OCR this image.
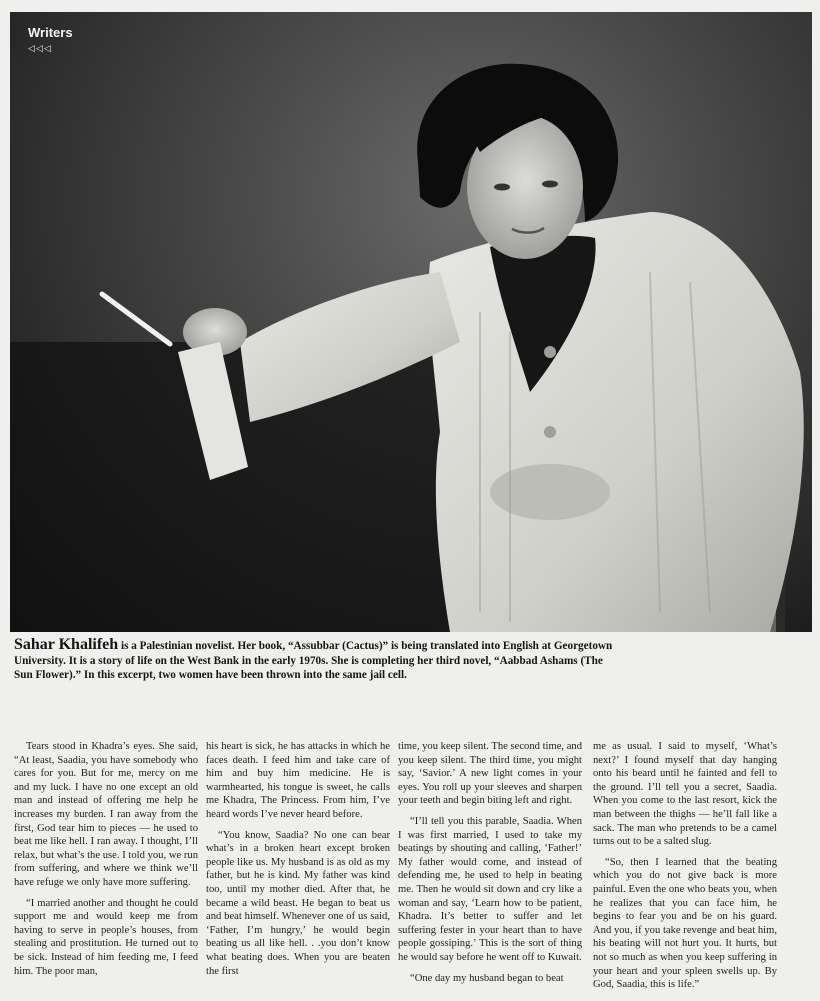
Writers
◁◁◁
Sahar Khalifeh is a Palestinian novelist. Her book, “Assubbar (Cactus)” is being translated into English at Georgetown University. It is a story of life on the West Bank in the early 1970s. She is completing her third novel, “Aabbad Ashams (The Sun Flower).” In this excerpt, two women have been thrown into the same jail cell.

Tears stood in Khadra’s eyes. She said, “At least, Saadia, you have somebody who cares for you. But for me, mercy on me and my luck. I have no one except an old man and instead of offering me help he increases my burden. I ran away from the first, God tear him to pieces — he used to beat me like hell. I ran away. I thought, I’ll relax, but what’s the use. I told you, we run from suffering, and where we think we’ll have refuge we only have more suffering.

“I married another and thought he could support me and would keep me from having to serve in people’s houses, from stealing and prostitution. He turned out to be sick. Instead of him feeding me, I feed him. The poor man,

his heart is sick, he has attacks in which he faces death. I feed him and take care of him and buy him medicine. He is warmhearted, his tongue is sweet, he calls me Khadra, The Princess. From him, I’ve heard words I’ve never heard before.

“You know, Saadia? No one can bear what’s in a broken heart except broken people like us. My husband is as old as my father, but he is kind. My father was kind too, until my mother died. After that, he became a wild beast. He began to beat us and beat himself. Whenever one of us said, ‘Father, I’m hungry,’ he would begin beating us all like hell. . .you don’t know what beating does. When you are beaten the first

time, you keep silent. The second time, and you keep silent. The third time, you might say, ‘Savior.’ A new light comes in your eyes. You roll up your sleeves and sharpen your teeth and begin biting left and right.

“I’ll tell you this parable, Saadia. When I was first married, I used to take my beatings by shouting and calling, ‘Father!’ My father would come, and instead of defending me, he used to help in beating me. Then he would sit down and cry like a woman and say, ‘Learn how to be patient, Khadra. It’s better to suffer and let suffering fester in your heart than to have people gossiping.’ This is the sort of thing he would say before he went off to Kuwait.

“One day my husband began to beat

me as usual. I said to myself, ‘What’s next?’ I found myself that day hanging onto his beard until he fainted and fell to the ground. I’ll tell you a secret, Saadia. When you come to the last resort, kick the man between the thighs — he’ll fall like a sack. The man who pretends to be a camel turns out to be a salted slug.

“So, then I learned that the beating which you do not give back is more painful. Even the one who beats you, when he realizes that you can face him, he begins to fear you and be on his guard. And you, if you take revenge and beat him, his beating will not hurt you. It hurts, but not so much as when you keep suffering in your heart and your spleen swells up. By God, Saadia, this is life.”
